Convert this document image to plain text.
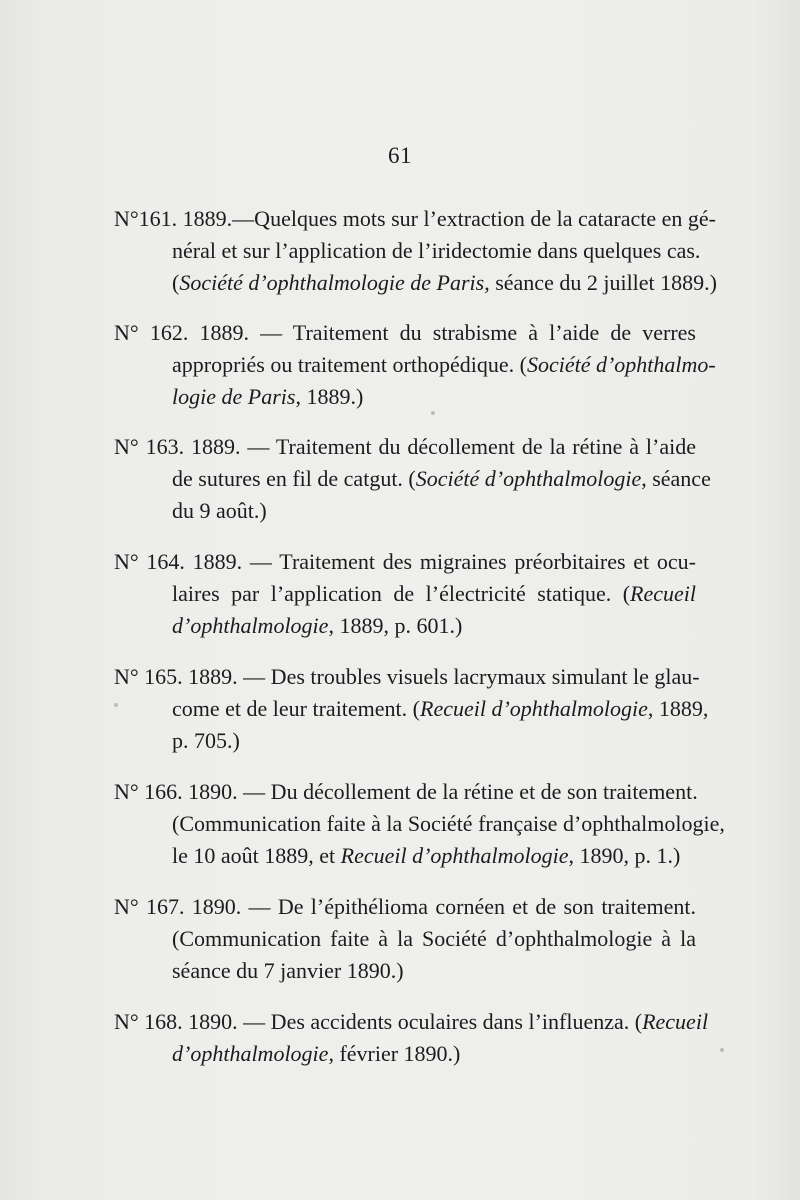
61
N°161. 1889.—Quelques mots sur l’extraction de la cataracte en gé-
néral et sur l’application de l’iridectomie dans quelques cas.
(Société d’ophthalmologie de Paris, séance du 2 juillet 1889.)
N° 162. 1889. — Traitement du strabisme à l’aide de verres
appropriés ou traitement orthopédique. (Société d’ophthalmo-
logie de Paris, 1889.)
N° 163. 1889. — Traitement du décollement de la rétine à l’aide
de sutures en fil de catgut. (Société d’ophthalmologie, séance
du 9 août.)
N° 164. 1889. — Traitement des migraines préorbitaires et ocu-
laires par l’application de l’électricité statique. (Recueil
d’ophthalmologie, 1889, p. 601.)
N° 165. 1889. — Des troubles visuels lacrymaux simulant le glau-
come et de leur traitement. (Recueil d’ophthalmologie, 1889,
p. 705.)
N° 166. 1890. — Du décollement de la rétine et de son traitement.
(Communication faite à la Société française d’ophthalmologie,
le 10 août 1889, et Recueil d’ophthalmologie, 1890, p. 1.)
N° 167. 1890. — De l’épithélioma cornéen et de son traitement.
(Communication faite à la Société d’ophthalmologie à la
séance du 7 janvier 1890.)
N° 168. 1890. — Des accidents oculaires dans l’influenza. (Recueil
d’ophthalmologie, février 1890.)
